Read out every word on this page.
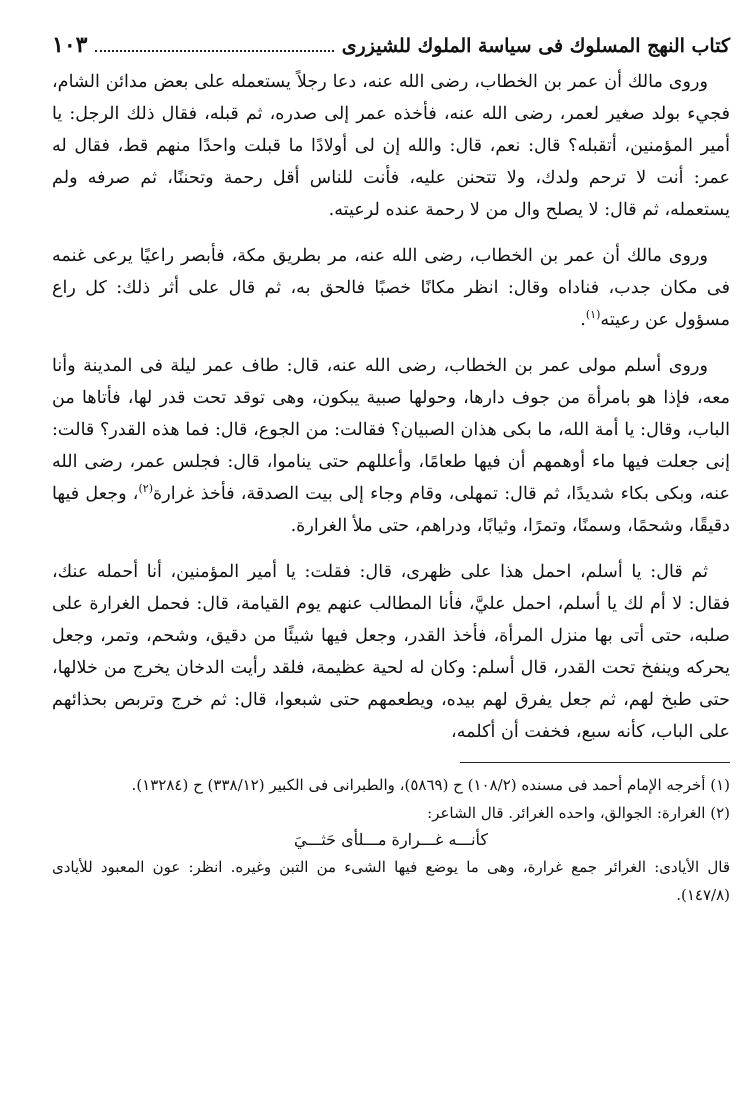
كتاب النهج المسلوك فى سياسة الملوك للشيزرى
١٠٣

وروى مالك أن عمر بن الخطاب، رضى الله عنه، دعا رجلاً يستعمله على بعض مدائن الشام، فجيء بولد صغير لعمر، رضى الله عنه، فأخذه عمر إلى صدره، ثم قبله، فقال ذلك الرجل: يا أمير المؤمنين، أتقبله؟ قال: نعم، قال: والله إن لى أولادًا ما قبلت واحدًا منهم قط، فقال له عمر: أنت لا ترحم ولدك، ولا تتحنن عليه، فأنت للناس أقل رحمة وتحننًا، ثم صرفه ولم يستعمله، ثم قال: لا يصلح وال من لا رحمة عنده لرعيته.

وروى مالك أن عمر بن الخطاب، رضى الله عنه، مر بطريق مكة، فأبصر راعيًا يرعى غنمه فى مكان جدب، فناداه وقال: انظر مكانًا خصبًا فالحق به، ثم قال على أثر ذلك: كل راع مسؤول عن رعيته$^{(١)}$.

وروى أسلم مولى عمر بن الخطاب، رضى الله عنه، قال: طاف عمر ليلة فى المدينة وأنا معه، فإذا هو بامرأة من جوف دارها، وحولها صبية يبكون، وهى توقد تحت قدر لها، فأتاها من الباب، وقال: يا أمة الله، ما بكى هذان الصبيان؟ فقالت: من الجوع، قال: فما هذه القدر؟ قالت: إنى جعلت فيها ماء أوهمهم أن فيها طعامًا، وأعللهم حتى يناموا، قال: فجلس عمر، رضى الله عنه، وبكى بكاء شديدًا، ثم قال: تمهلى، وقام وجاء إلى بيت الصدقة، فأخذ غرارة$^{(٢)}$، وجعل فيها دقيقًا، وشحمًا، وسمنًا، وتمرًا، وثيابًا، ودراهم، حتى ملأ الغرارة.

ثم قال: يا أسلم، احمل هذا على ظهرى، قال: فقلت: يا أمير المؤمنين، أنا أحمله عنك، فقال: لا أم لك يا أسلم، احمل عليَّ، فأنا المطالب عنهم يوم القيامة، قال: فحمل الغرارة على صلبه، حتى أتى بها منزل المرأة، فأخذ القدر، وجعل فيها شيئًا من دقيق، وشحم، وتمر، وجعل يحركه وينفخ تحت القدر، قال أسلم: وكان له لحية عظيمة، فلقد رأيت الدخان يخرج من خلالها، حتى طبخ لهم، ثم جعل يفرق لهم بيده، ويطعمهم حتى شبعوا، قال: ثم خرج وتربص بحذائهم على الباب، كأنه سبع، فخفت أن أكلمه،

(١) أخرجه الإمام أحمد فى مسنده (١٠٨/٢) ح (٥٨٦٩)، والطبرانى فى الكبير (٣٣٨/١٢) ح (١٣٢٨٤).

(٢) الغرارة: الجوالق، واحده الغرائر. قال الشاعر:

كأنـــه غـــرارة مـــلأى حَثـــيَ

قال الأيادى: الغرائر جمع غرارة، وهى ما يوضع فيها الشىء من التبن وغيره. انظر: عون المعبود للأيادى (١٤٧/٨).
